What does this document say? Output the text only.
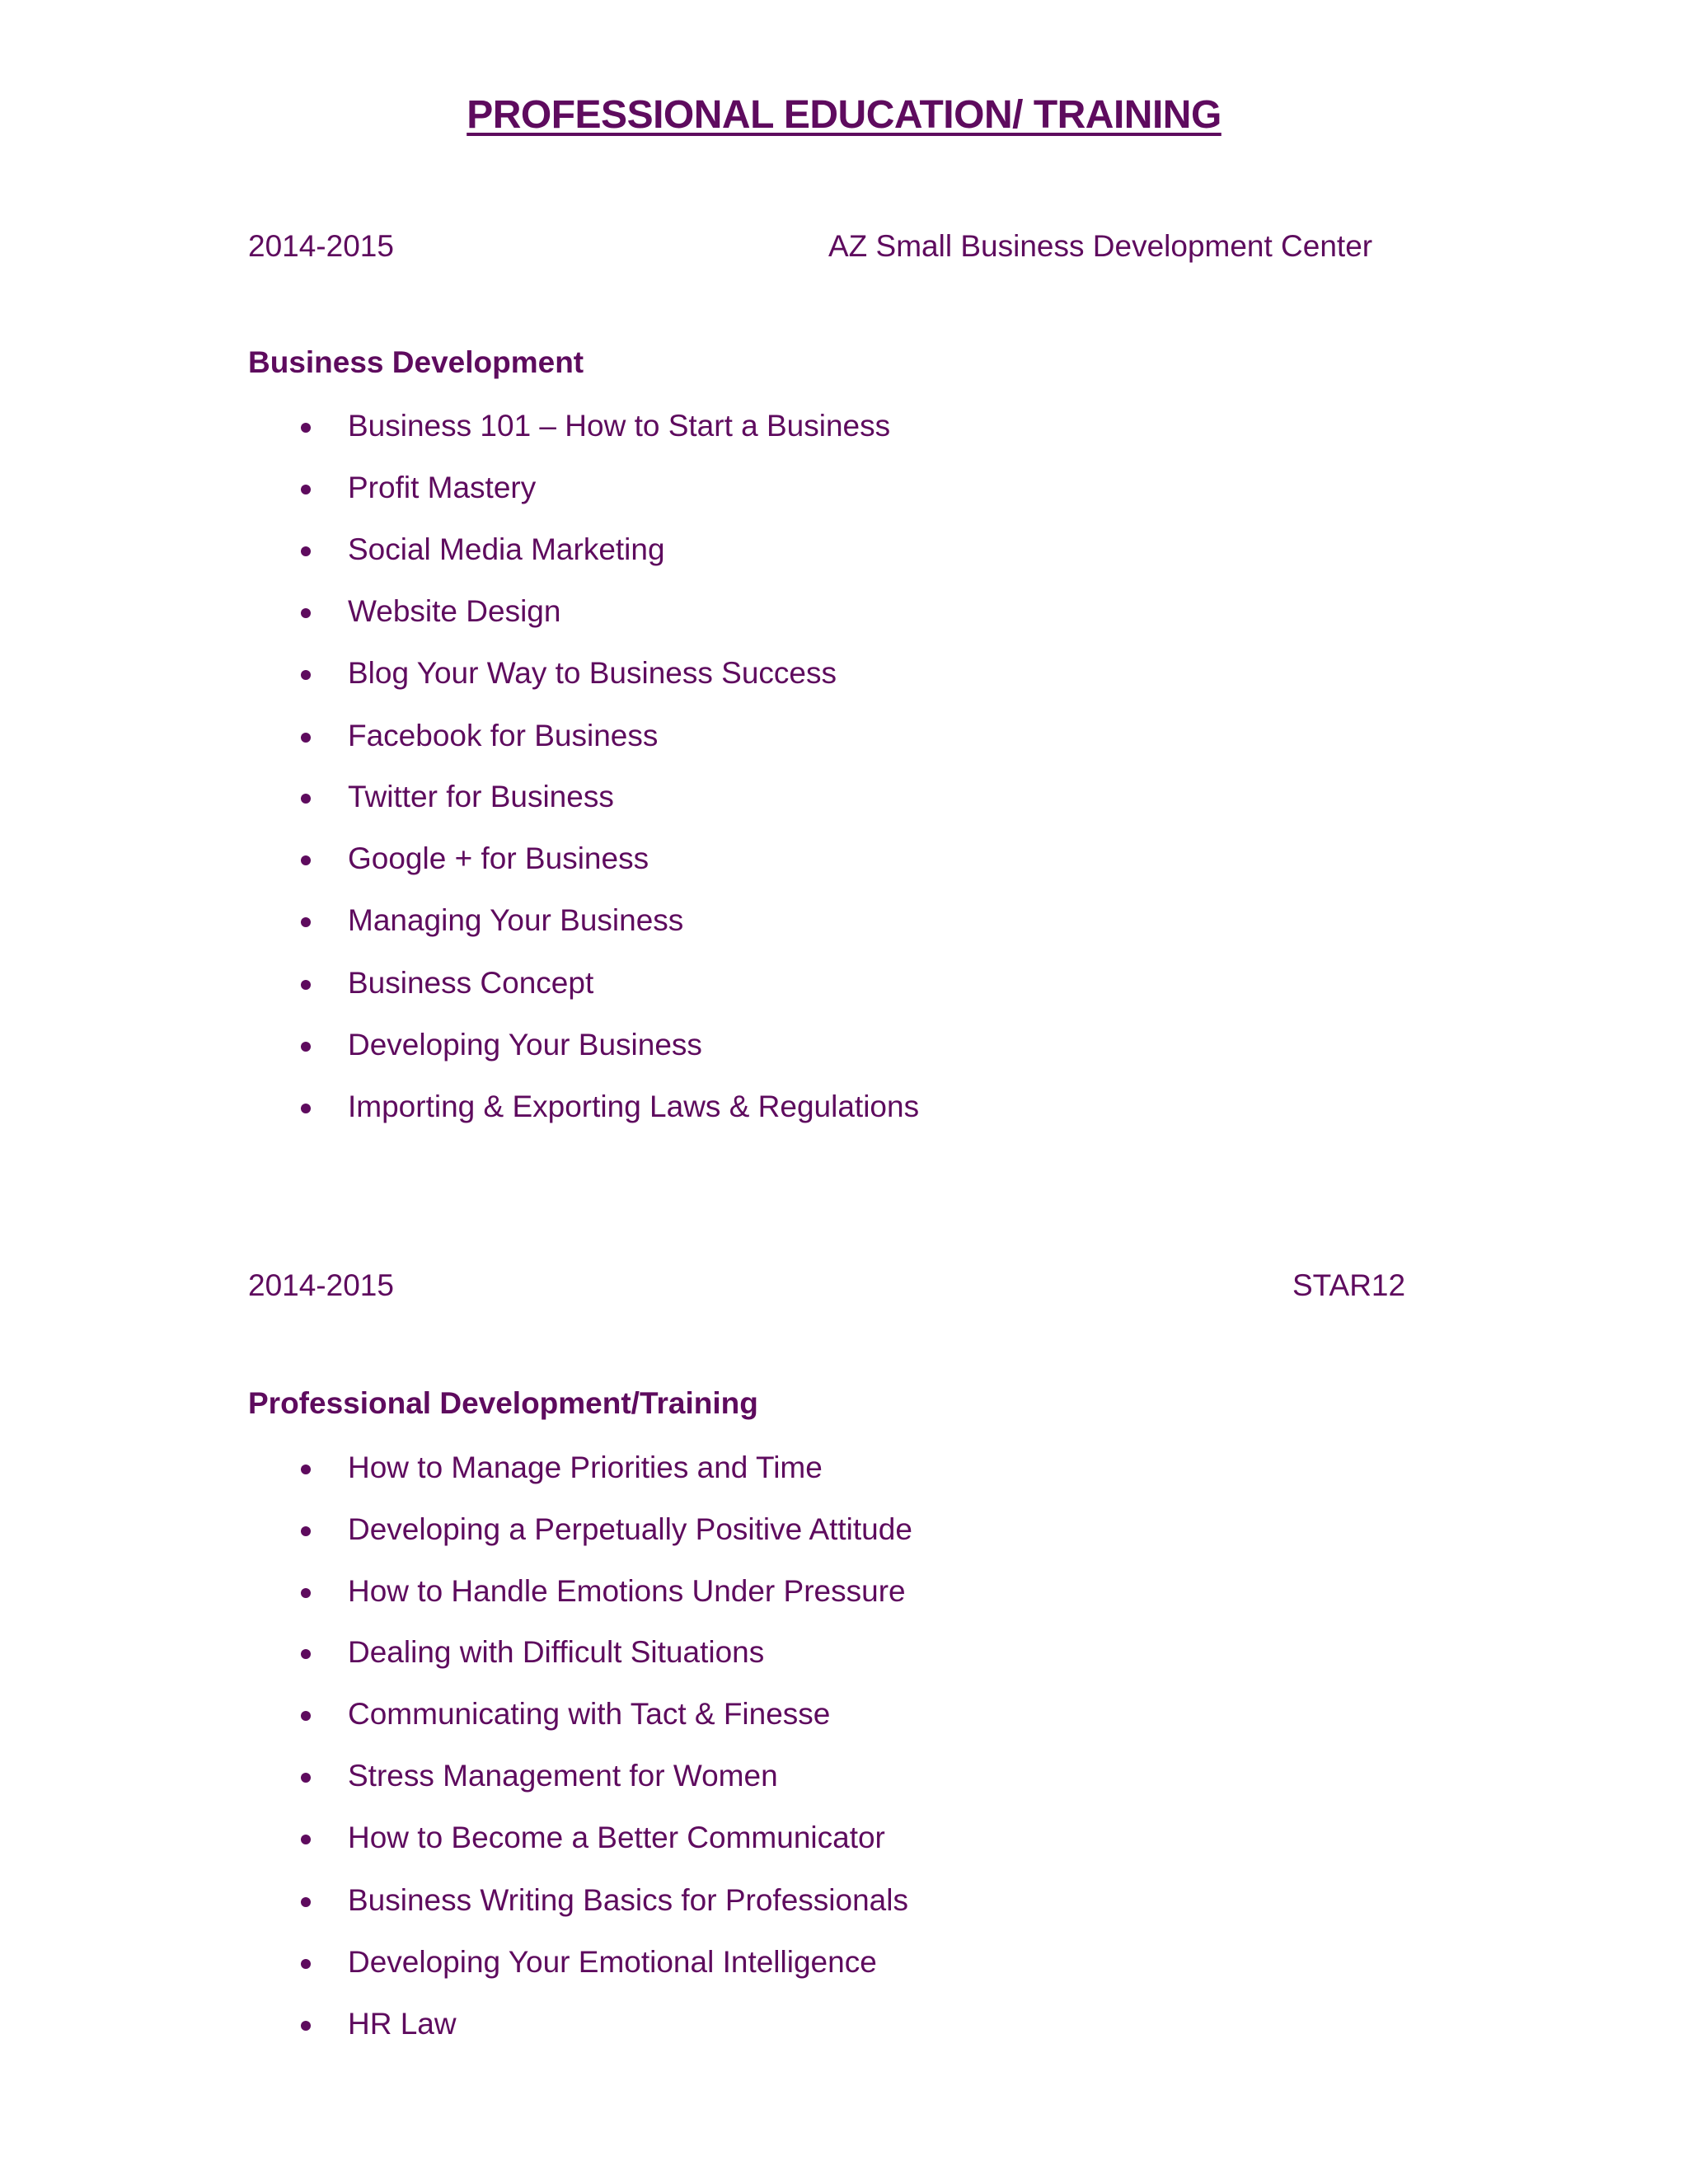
PROFESSIONAL EDUCATION/ TRAINING
2014-2015	AZ Small Business Development Center
Business Development
Business 101 – How to Start a Business
Profit Mastery
Social Media Marketing
Website Design
Blog Your Way to Business Success
Facebook for Business
Twitter for Business
Google + for Business
Managing Your Business
Business Concept
Developing Your Business
Importing & Exporting Laws & Regulations
2014-2015	STAR12
Professional Development/Training
How to Manage Priorities and Time
Developing a Perpetually Positive Attitude
How to Handle Emotions Under Pressure
Dealing with Difficult Situations
Communicating with Tact & Finesse
Stress Management for Women
How to Become a Better Communicator
Business Writing Basics for Professionals
Developing Your Emotional Intelligence
HR Law
